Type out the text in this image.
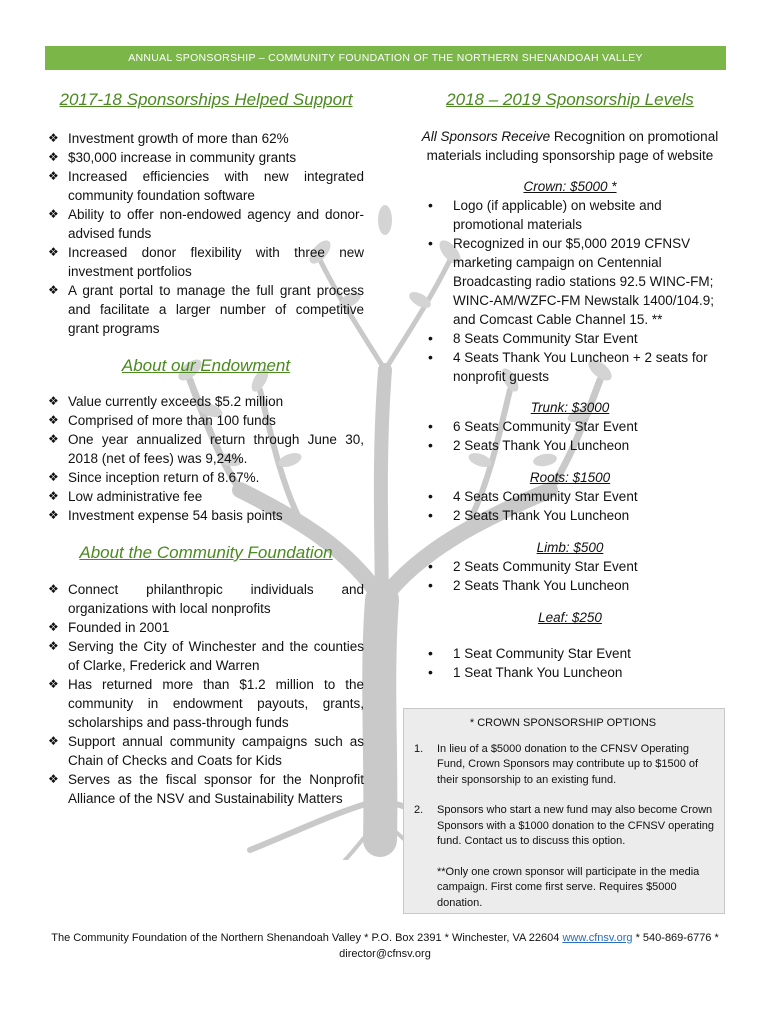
ANNUAL SPONSORSHIP – COMMUNITY FOUNDATION OF THE NORTHERN SHENANDOAH VALLEY
2017-18 Sponsorships Helped Support
❖ Investment growth of more than 62%
❖ $30,000 increase in community grants
❖ Increased efficiencies with new integrated community foundation software
❖ Ability to offer non-endowed agency and donor-advised funds
❖ Increased donor flexibility with three new investment portfolios
❖ A grant portal to manage the full grant process and facilitate a larger number of competitive grant programs
About our Endowment
❖ Value currently exceeds $5.2 million
❖ Comprised of more than 100 funds
❖ One year annualized return through June 30, 2018 (net of fees) was 9,24%.
❖ Since inception return of 8.67%.
❖ Low administrative fee
❖ Investment expense 54 basis points
About the Community Foundation
❖ Connect philanthropic individuals and organizations with local nonprofits
❖ Founded in 2001
❖ Serving the City of Winchester and the counties of Clarke, Frederick and Warren
❖ Has returned more than $1.2 million to the community in endowment payouts, grants, scholarships and pass-through funds
❖ Support annual community campaigns such as Chain of Checks and Coats for Kids
❖ Serves as the fiscal sponsor for the Nonprofit Alliance of the NSV and Sustainability Matters
2018 – 2019 Sponsorship Levels

All Sponsors Receive Recognition on promotional materials including sponsorship page of website

Crown: $5000 *

• Logo (if applicable) on website and promotional materials
• Recognized in our $5,000 2019 CFNSV marketing campaign on Centennial Broadcasting radio stations 92.5 WINC-FM; WINC-AM/WZFC-FM Newstalk 1400/104.9; and Comcast Cable Channel 15. **
• 8 Seats Community Star Event
• 4 Seats Thank You Luncheon + 2 seats for nonprofit guests

Trunk: $3000

• 6 Seats Community Star Event
• 2 Seats Thank You Luncheon

Roots: $1500

• 4 Seats Community Star Event
• 2 Seats Thank You Luncheon

Limb: $500

• 2 Seats Community Star Event
• 2 Seats Thank You Luncheon

Leaf: $250

• 1 Seat Community Star Event
• 1 Seat Thank You Luncheon
* CROWN SPONSORSHIP OPTIONS
1. In lieu of a $5000 donation to the CFNSV Operating Fund, Crown Sponsors may contribute up to $1500 of their sponsorship to an existing fund.
2. Sponsors who start a new fund may also become Crown Sponsors with a $1000 donation to the CFNSV operating fund. Contact us to discuss this option.
**Only one crown sponsor will participate in the media campaign. First come first serve. Requires $5000 donation.
The Community Foundation of the Northern Shenandoah Valley * P.O. Box 2391 * Winchester, VA 22604 www.cfnsv.org * 540-869-6776 * director@cfnsv.org
